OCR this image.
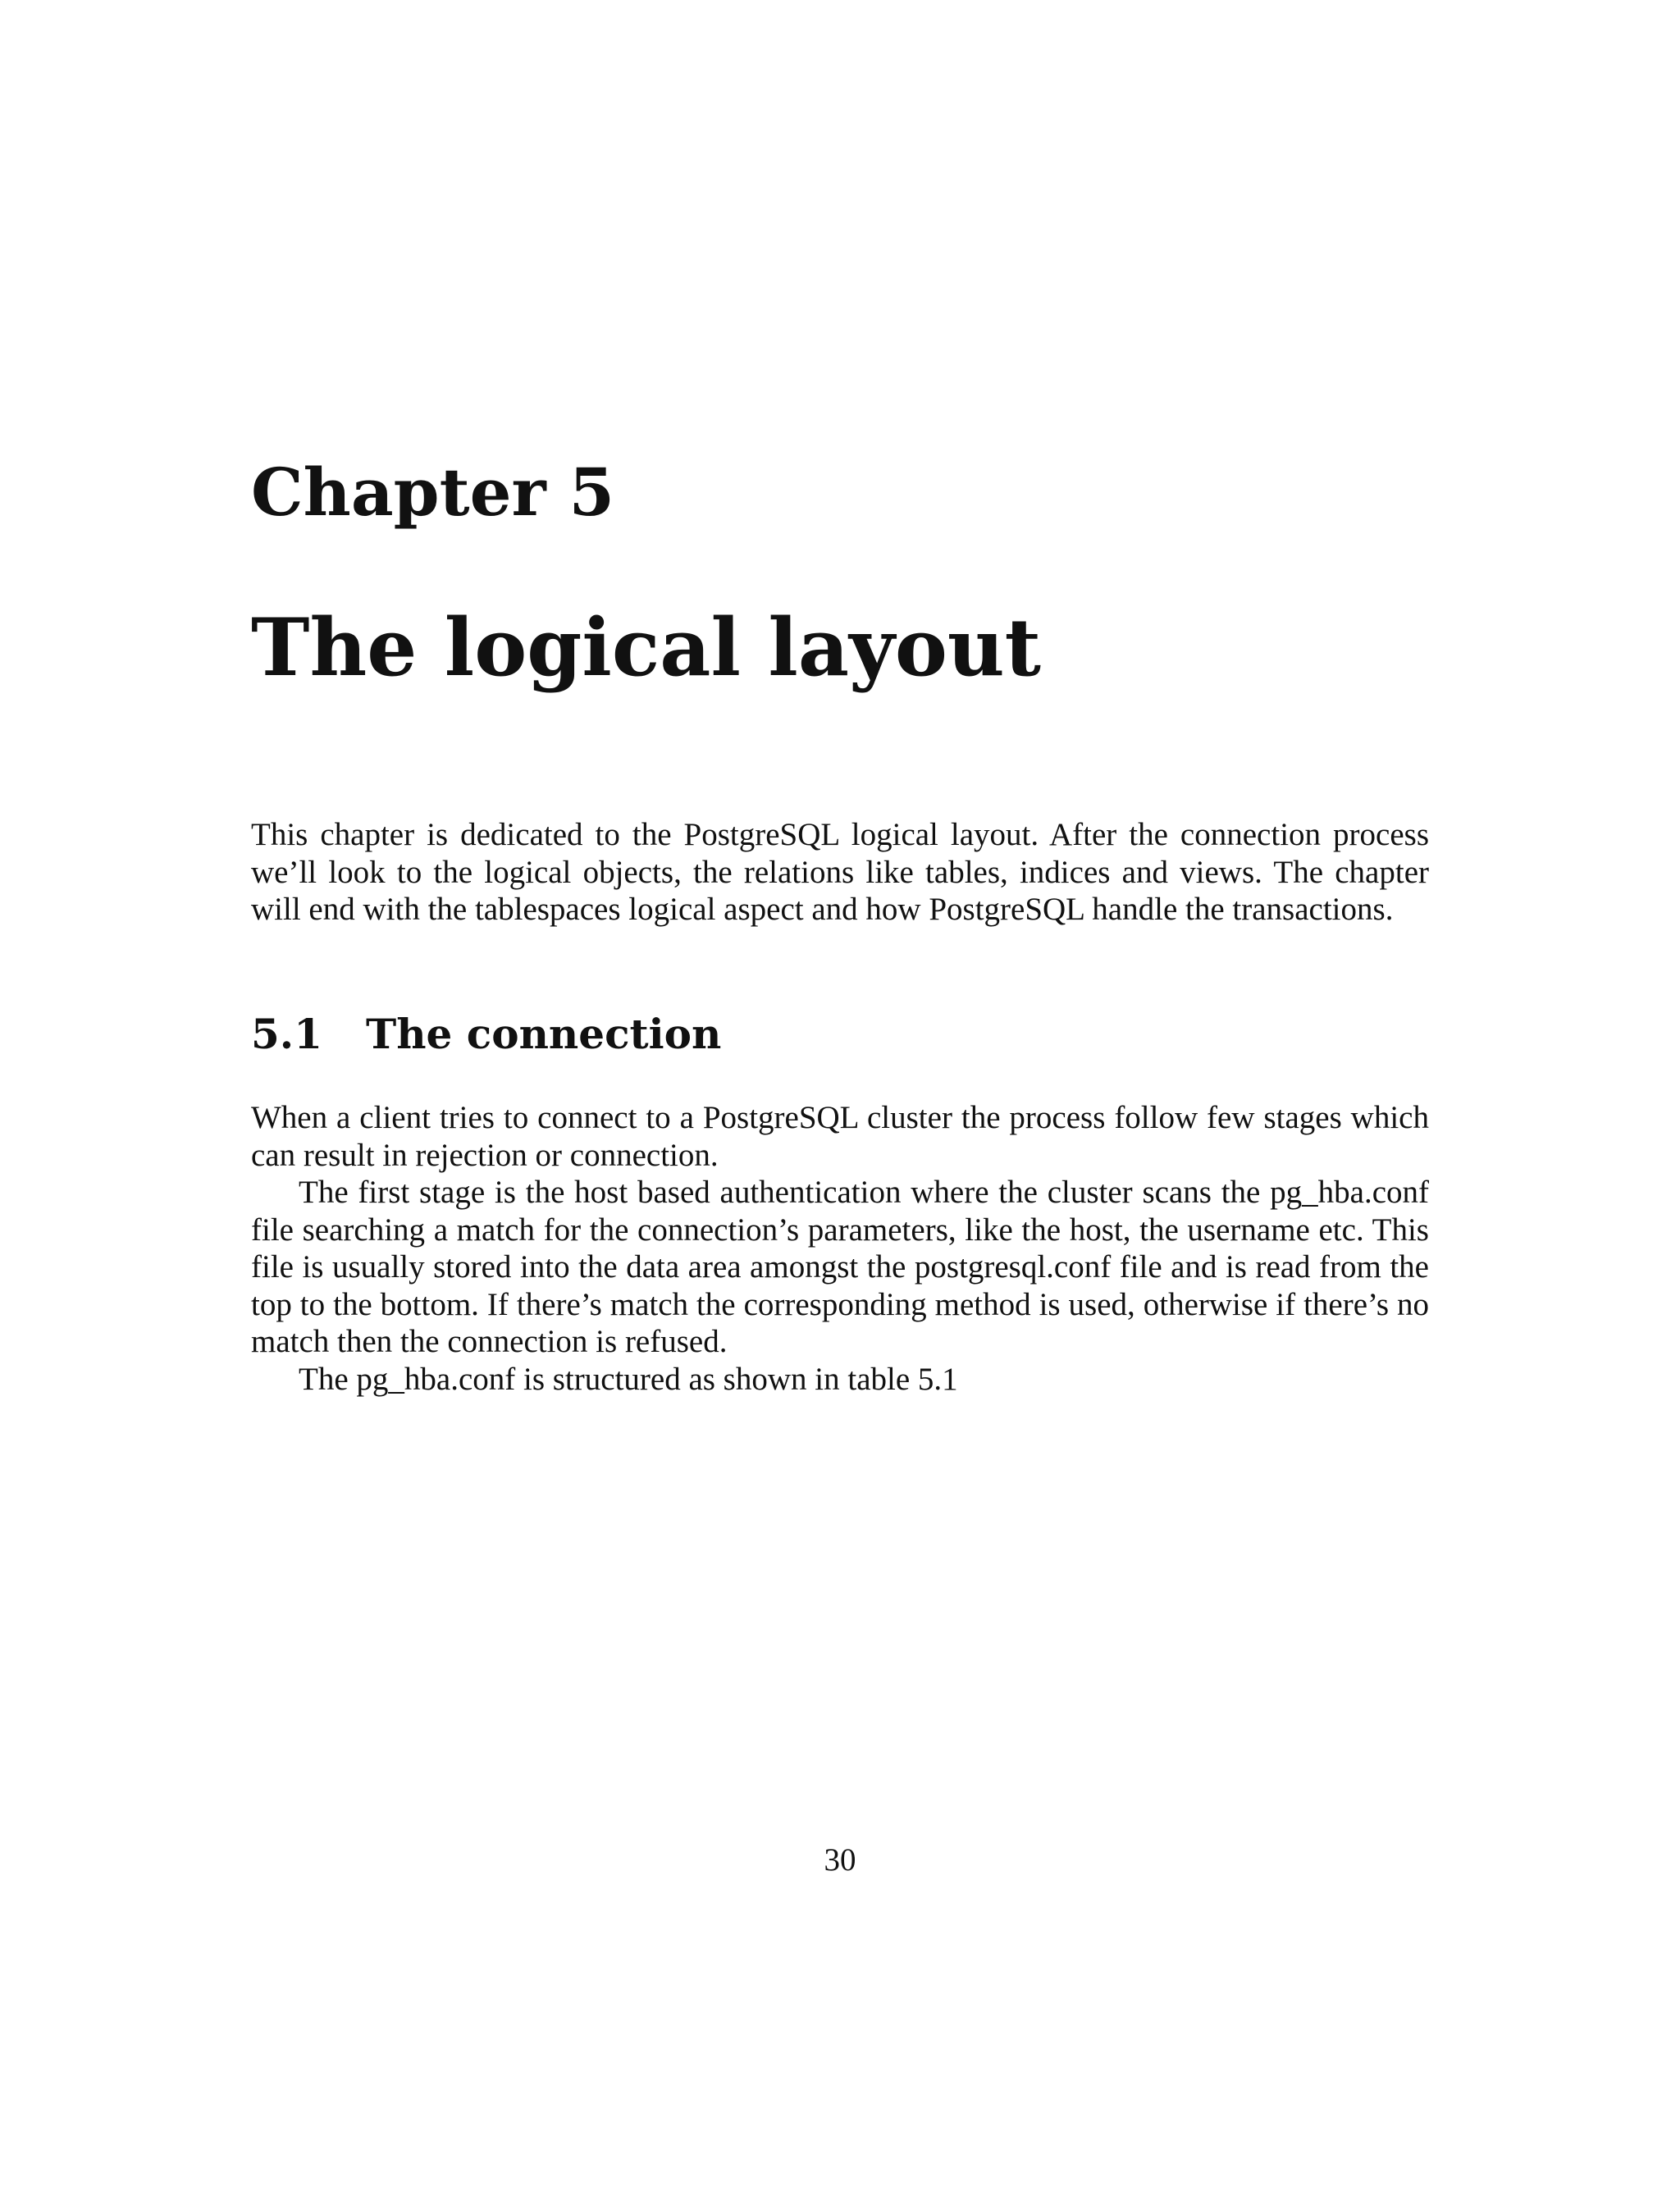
Chapter 5
The logical layout

This chapter is dedicated to the PostgreSQL logical layout. After the connection process we’ll look to the logical objects, the relations like tables, indices and views. The chapter will end with the tablespaces logical aspect and how PostgreSQL handle the transactions.

5.1 The connection

When a client tries to connect to a PostgreSQL cluster the process follow few stages which can result in rejection or connection.

The first stage is the host based authentication where the cluster scans the pg_hba.conf file searching a match for the connection’s parameters, like the host, the username etc. This file is usually stored into the data area amongst the postgresql.conf file and is read from the top to the bottom. If there’s match the corresponding method is used, otherwise if there’s no match then the connection is refused.

The pg_hba.conf is structured as shown in table 5.1

30
